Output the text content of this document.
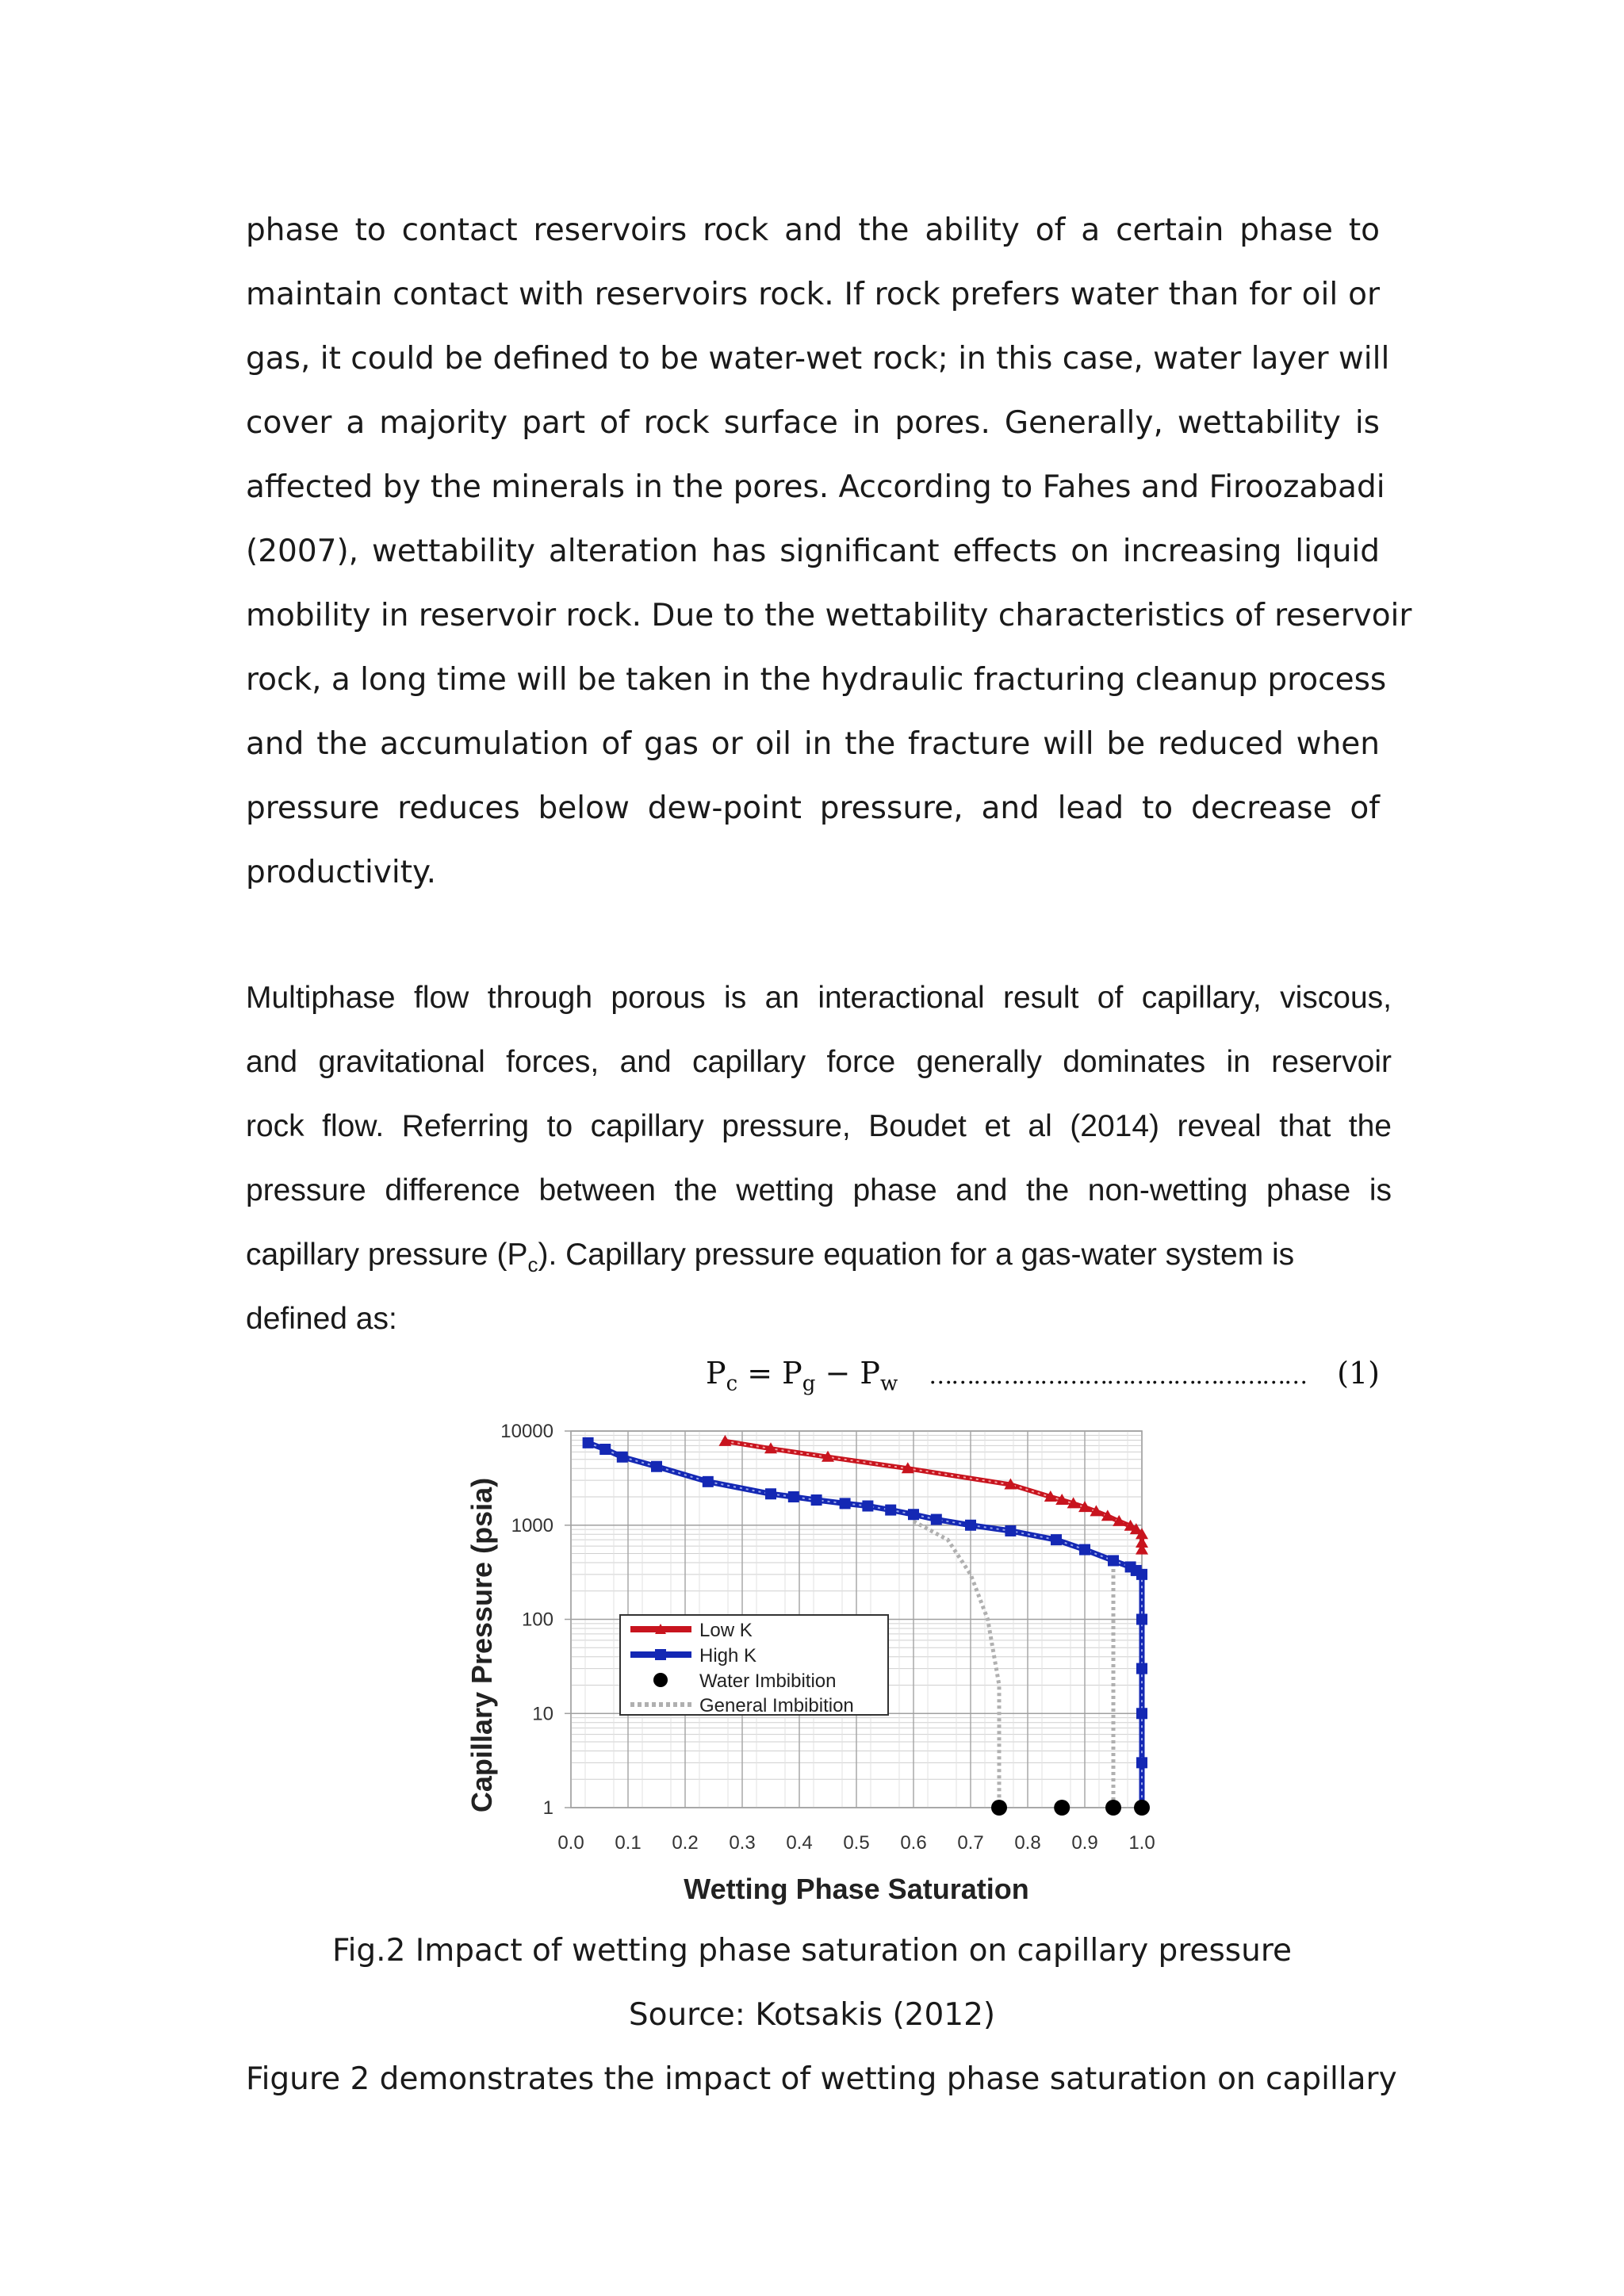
phase to contact reservoirs rock and the ability of a certain phase to
maintain contact with reservoirs rock. If rock prefers water than for oil or
gas, it could be defined to be water-wet rock; in this case, water layer will
cover a majority part of rock surface in pores. Generally, wettability is
affected by the minerals in the pores. According to Fahes and Firoozabadi
(2007), wettability alteration has significant effects on increasing liquid
mobility in reservoir rock. Due to the wettability characteristics of reservoir
rock, a long time will be taken in the hydraulic fracturing cleanup process
and the accumulation of gas or oil in the fracture will be reduced when
pressure reduces below dew-point pressure, and lead to decrease of
productivity.
Multiphase flow through porous is an interactional result of capillary, viscous,
and gravitational forces, and capillary force generally dominates in reservoir
rock flow. Referring to capillary pressure, Boudet et al (2014) reveal that the
pressure difference between the wetting phase and the non-wetting phase is
capillary pressure $(P_c)$. Capillary pressure equation for a gas-water system is
defined as:
$P_c = P_g - P_w$ …………………………………………… (1)
0.0 0.1 0.2 0.3 0.4 0.5 0.6 0.7 0.8 0.9 1.0
10000
1000
100
10
1
Wetting Phase Saturation
Capillary Pressure (psia)	Low K
High K
Water Imbibition
General Imbibition
Fig.2 Impact of wetting phase saturation on capillary pressure
Source: Kotsakis (2012)
Figure 2 demonstrates the impact of wetting phase saturation on capillary
